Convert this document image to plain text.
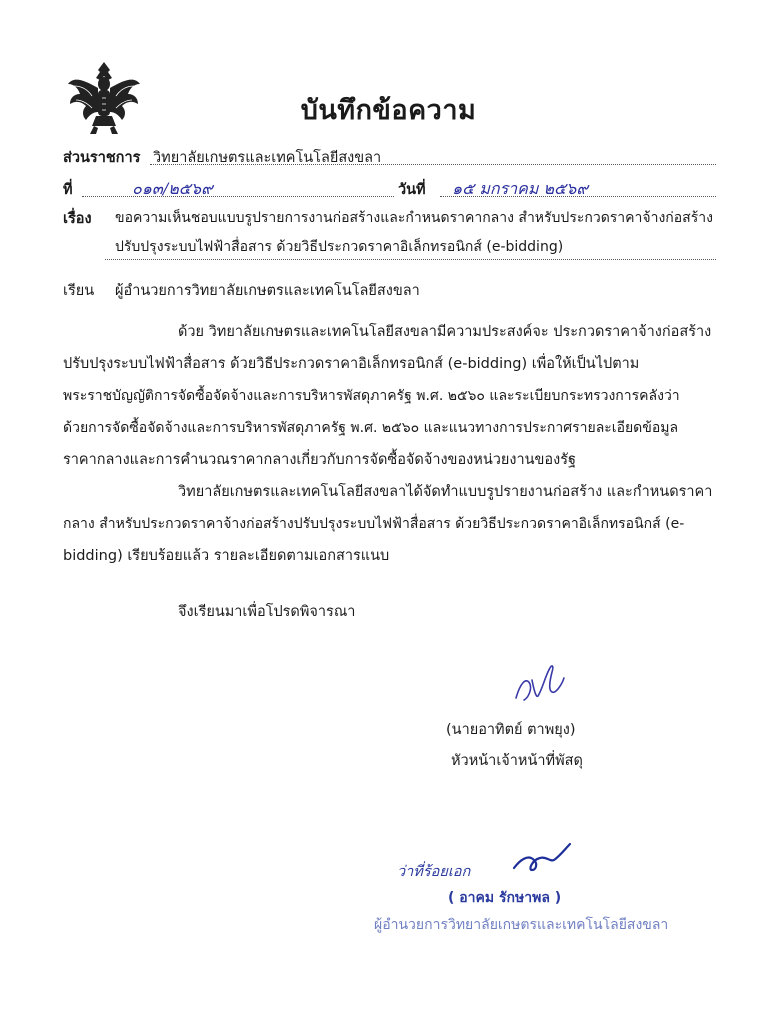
บันทึกข้อความ
ส่วนราชการ วิทยาลัยเกษตรและเทคโนโลยีสงขลา
ที่	๐๑๓/๒๕๖๙	วันที่ ๑๕ มกราคม ๒๕๖๙
เรื่อง ขอความเห็นชอบแบบรูปรายการงานก่อสร้างและกำหนดราคากลาง สำหรับประกวดราคาจ้างก่อสร้าง
ปรับปรุงระบบไฟฟ้าสื่อสาร ด้วยวิธีประกวดราคาอิเล็กทรอนิกส์ (e-bidding)
เรียน ผู้อำนวยการวิทยาลัยเกษตรและเทคโนโลยีสงขลา
ด้วย วิทยาลัยเกษตรและเทคโนโลยีสงขลามีความประสงค์จะ ประกวดราคาจ้างก่อสร้าง
ปรับปรุงระบบไฟฟ้าสื่อสาร ด้วยวิธีประกวดราคาอิเล็กทรอนิกส์ (e-bidding) เพื่อให้เป็นไปตาม
พระราชบัญญัติการจัดซื้อจัดจ้างและการบริหารพัสดุภาครัฐ พ.ศ. ๒๕๖๐ และระเบียบกระทรวงการคลังว่า
ด้วยการจัดซื้อจัดจ้างและการบริหารพัสดุภาครัฐ พ.ศ. ๒๕๖๐ และแนวทางการประกาศรายละเอียดข้อมูล
ราคากลางและการคำนวณราคากลางเกี่ยวกับการจัดซื้อจัดจ้างของหน่วยงานของรัฐ
วิทยาลัยเกษตรและเทคโนโลยีสงขลาได้จัดทำแบบรูปรายงานก่อสร้าง และกำหนดราคา
กลาง สำหรับประกวดราคาจ้างก่อสร้างปรับปรุงระบบไฟฟ้าสื่อสาร ด้วยวิธีประกวดราคาอิเล็กทรอนิกส์ (e-
bidding) เรียบร้อยแล้ว รายละเอียดตามเอกสารแนบ
จึงเรียนมาเพื่อโปรดพิจารณา
(นายอาทิตย์ ตาพยุง)
หัวหน้าเจ้าหน้าที่พัสดุ
ว่าที่ร้อยเอก
( อาคม รักษาพล )
ผู้อำนวยการวิทยาลัยเกษตรและเทคโนโลยีสงขลา
